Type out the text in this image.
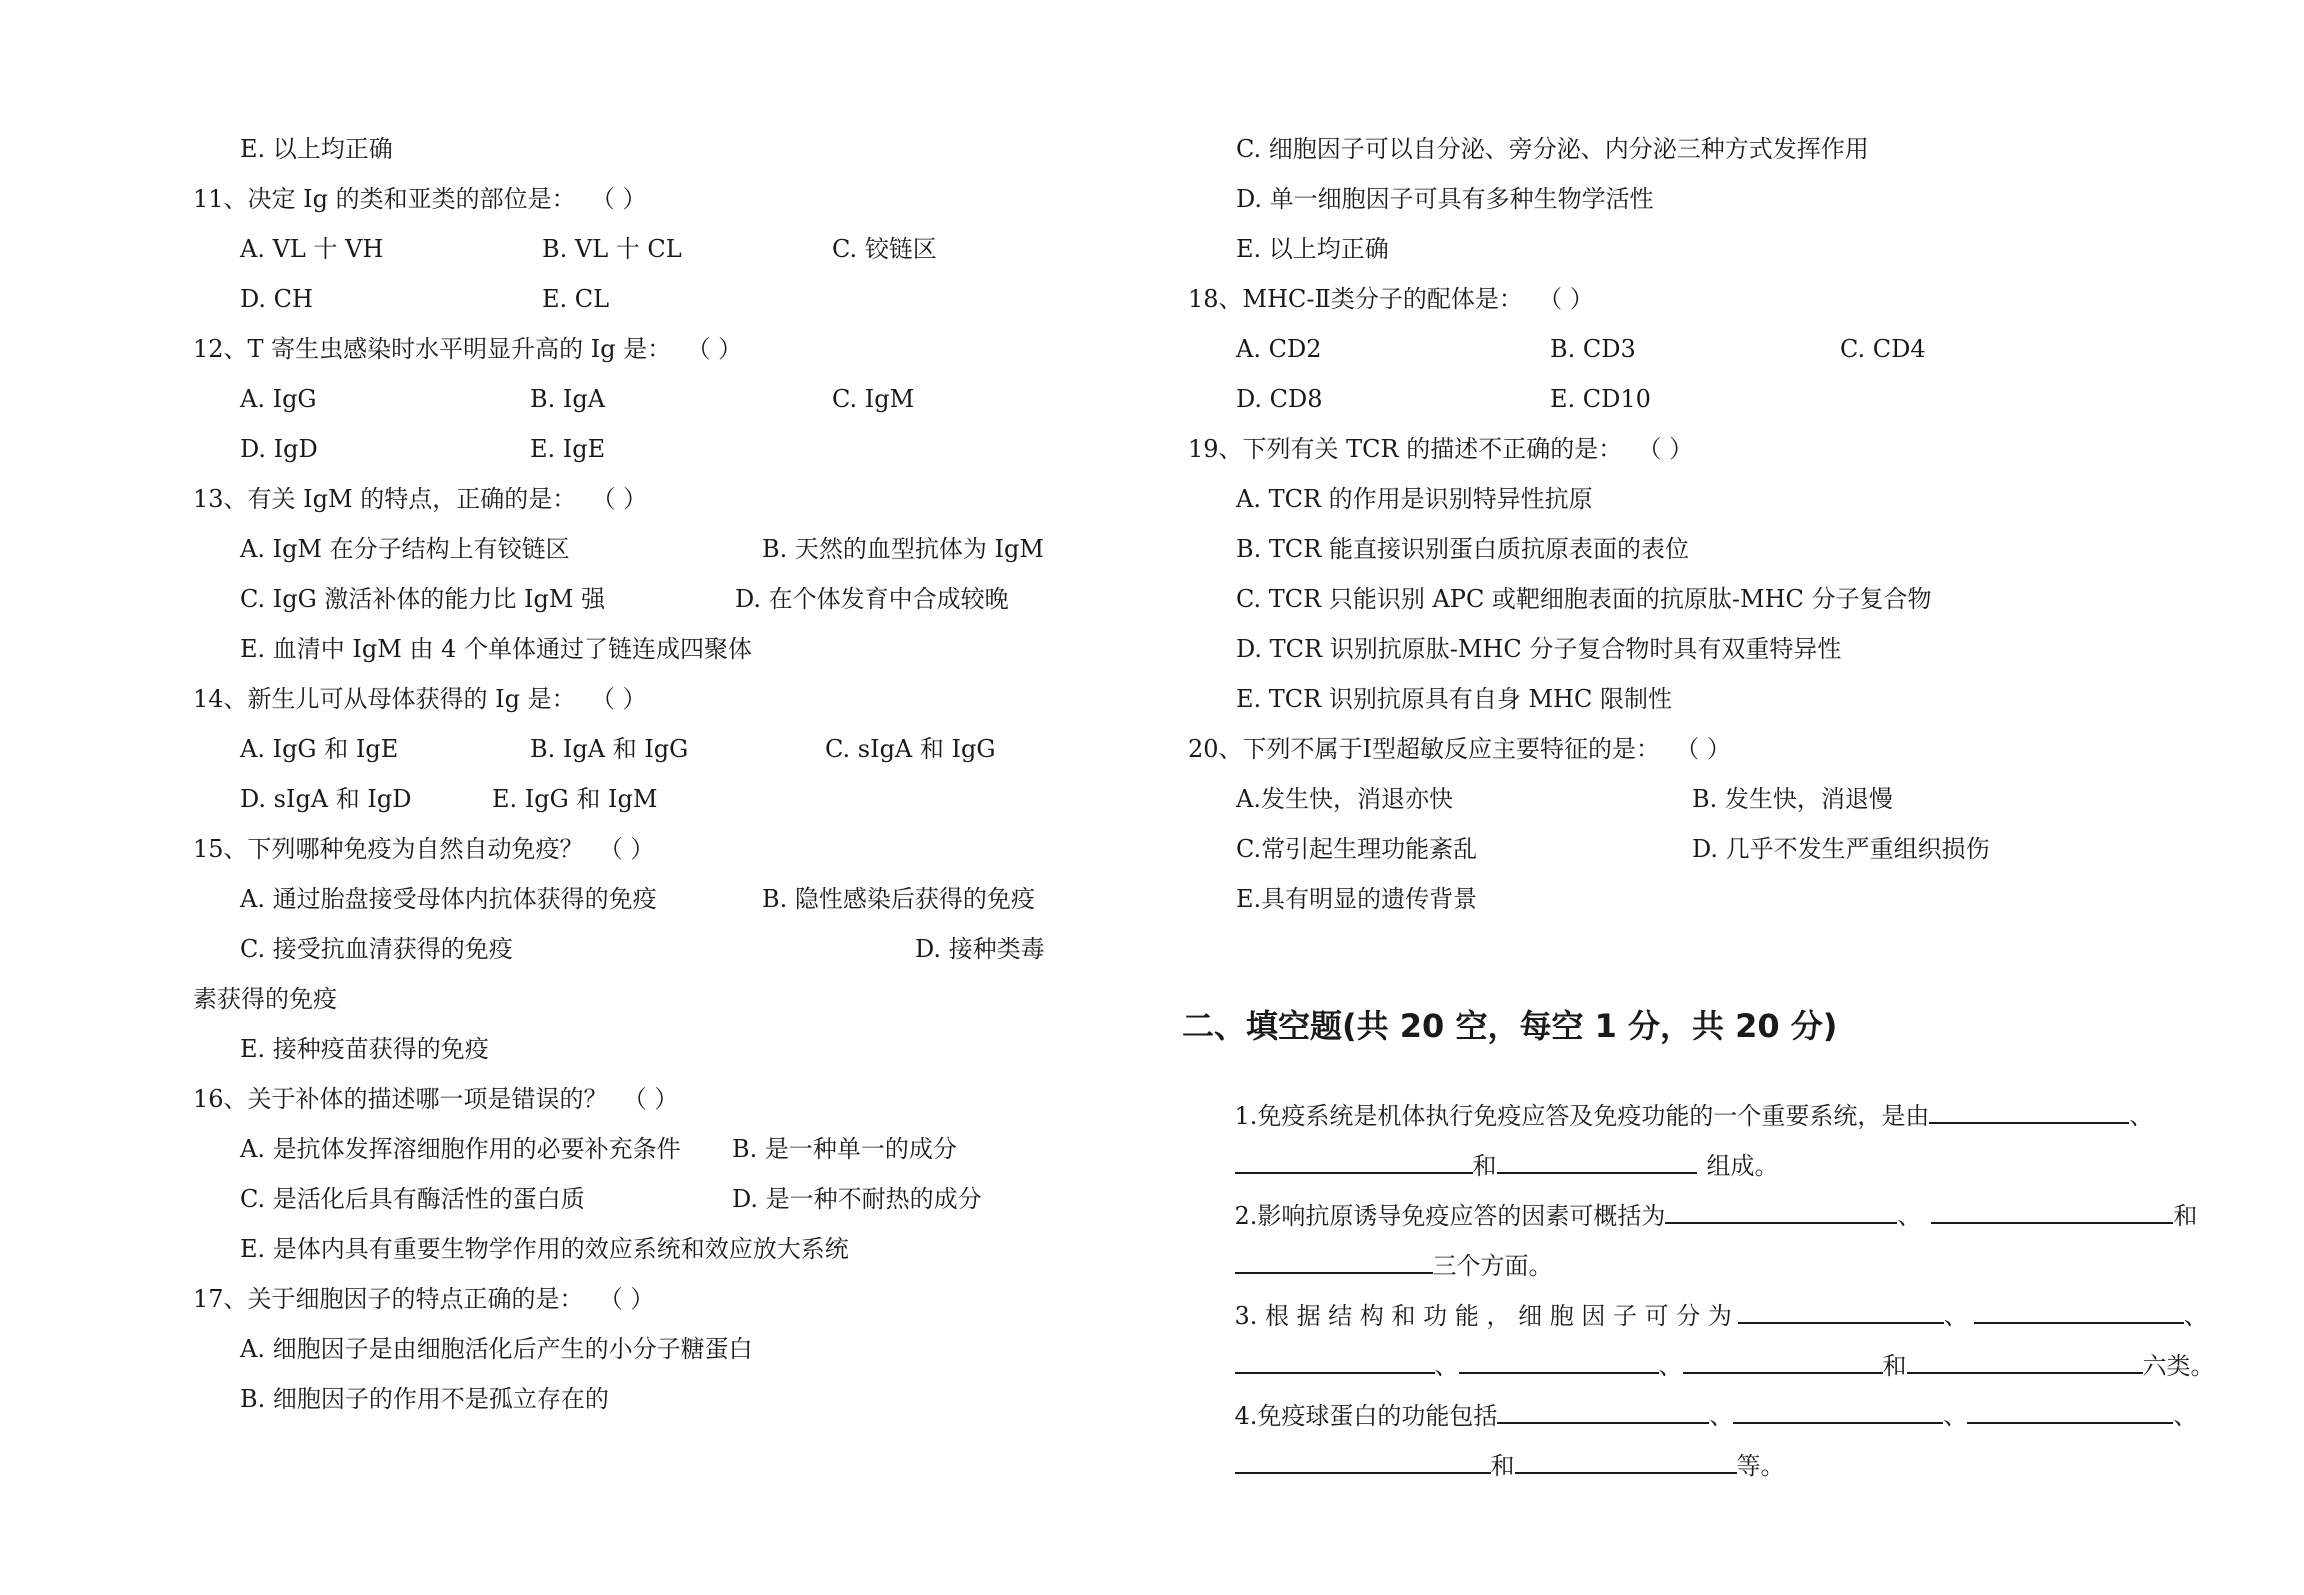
E. 以上均正确
11、决定 Ig 的类和亚类的部位是：  （ ）
A. VL 十 VH	B. VL 十 CL	C. 铰链区
D. CH	E. CL
12、T 寄生虫感染时水平明显升高的 Ig 是：  （ ）
A. IgG	B. IgA	C. IgM
D. IgD	E. IgE
13、有关 IgM 的特点，正确的是：  （ ）
A. IgM 在分子结构上有铰链区	B. 天然的血型抗体为 IgM
C. IgG 激活补体的能力比 IgM 强	D. 在个体发育中合成较晚
E. 血清中 IgM 由 4 个单体通过了链连成四聚体
14、新生儿可从母体获得的 Ig 是：  （ ）
A. IgG 和 IgE	B. IgA 和 IgG	C. sIgA 和 IgG
D. sIgA 和 IgD	E. IgG 和 IgM
15、下列哪种免疫为自然自动免疫？  （ ）
A. 通过胎盘接受母体内抗体获得的免疫	B. 隐性感染后获得的免疫
C. 接受抗血清获得的免疫	D. 接种类毒
素获得的免疫
E. 接种疫苗获得的免疫
16、关于补体的描述哪一项是错误的？  （ ）
A. 是抗体发挥溶细胞作用的必要补充条件 B. 是一种单一的成分
C. 是活化后具有酶活性的蛋白质	D. 是一种不耐热的成分
E. 是体内具有重要生物学作用的效应系统和效应放大系统
17、关于细胞因子的特点正确的是：  （ ）
A. 细胞因子是由细胞活化后产生的小分子糖蛋白
B. 细胞因子的作用不是孤立存在的
C. 细胞因子可以自分泌、旁分泌、内分泌三种方式发挥作用
D. 单一细胞因子可具有多种生物学活性
E. 以上均正确
18、MHC-Ⅱ类分子的配体是：  （ ）
A. CD2	B. CD3	C. CD4
D. CD8	E. CD10
19、下列有关 TCR 的描述不正确的是：  （ ）
A. TCR 的作用是识别特异性抗原
B. TCR 能直接识别蛋白质抗原表面的表位
C. TCR 只能识别 APC 或靶细胞表面的抗原肽-MHC 分子复合物
D. TCR 识别抗原肽-MHC 分子复合物时具有双重特异性
E. TCR 识别抗原具有自身 MHC 限制性
20、下列不属于Ⅰ型超敏反应主要特征的是：  （ ）
A.发生快，消退亦快	B. 发生快，消退慢
C.常引起生理功能紊乱	D. 几乎不发生严重组织损伤
E.具有明显的遗传背景
二、填空题(共 20 空，每空 1 分，共 20 分)

1.免疫系统是机体执行免疫应答及免疫功能的一个重要系统，是由	、

和	组成。

2.影响抗原诱导免疫应答的因素可概括为	、	和

三个方面。

3. 根 据 结 构 和 功 能 ， 细 胞 因 子 可 分 为	、	、

、	、	和	六类。

4.免疫球蛋白的功能包括	、	、	、

和	等。
